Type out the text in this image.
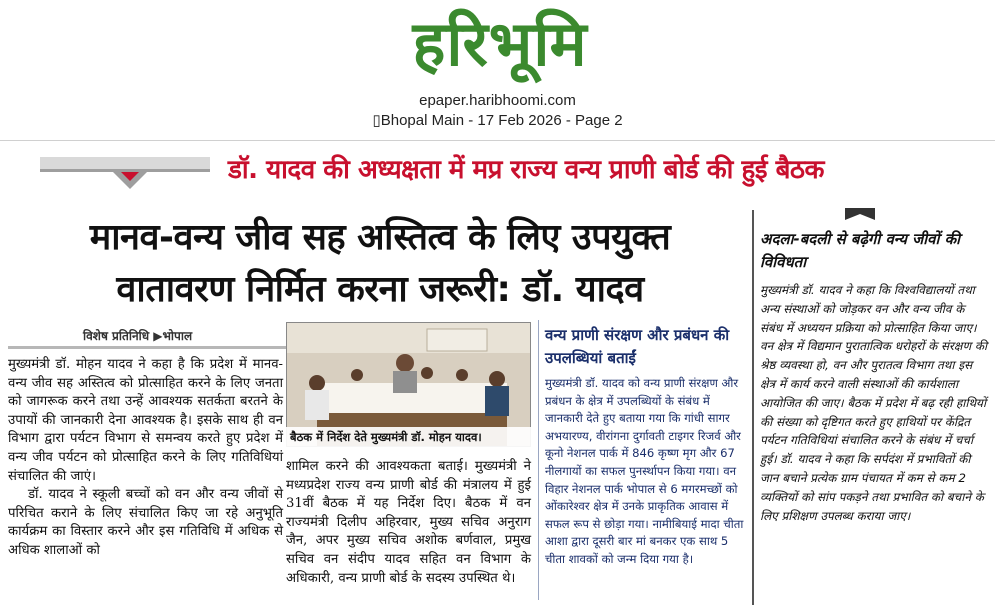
हरिभूमि
epaper.haribhoomi.com
▯Bhopal Main - 17 Feb 2026 - Page 2
डॉ. यादव की अध्यक्षता में मप्र राज्य वन्य प्राणी बोर्ड की हुई बैठक
मानव-वन्य जीव सह अस्तित्व के लिए उपयुक्त
वातावरण निर्मित करना जरूरी: डॉ. यादव
विशेष प्रतिनिधि ▶भोपाल

मुख्यमंत्री डॉ. मोहन यादव ने कहा है कि प्रदेश में मानव-वन्य जीव सह अस्तित्व को प्रोत्साहित करने के लिए जनता को जागरूक करने तथा उन्हें आवश्यक सतर्कता बरतने के उपायों की जानकारी देना आवश्यक है। इसके साथ ही वन विभाग द्वारा पर्यटन विभाग से समन्वय करते हुए प्रदेश में वन्य जीव पर्यटन को प्रोत्साहित करने के लिए गतिविधियां संचालित की जाएं।

डॉ. यादव ने स्कूली बच्चों को वन और वन्य जीवों से परिचित कराने के लिए संचालित किए जा रहे अनुभूति कार्यक्रम का विस्तार करने और इस गतिविधि में अधिक से अधिक शालाओं को

बैठक में निर्देश देते मुख्यमंत्री डॉ. मोहन यादव।
शामिल करने की आवश्यकता बताई। मुख्यमंत्री ने मध्यप्रदेश राज्य वन्य प्राणी बोर्ड की मंत्रालय में हुई 31वीं बैठक में यह निर्देश दिए। बैठक में वन राज्यमंत्री दिलीप अहिरवार, मुख्य सचिव अनुराग जैन, अपर मुख्य सचिव अशोक बर्णवाल, प्रमुख सचिव वन संदीप यादव सहित वन विभाग के अधिकारी, वन्य प्राणी बोर्ड के सदस्य उपस्थित थे।
वन्य प्राणी संरक्षण और प्रबंधन की उपलब्धियां बताईं
मुख्यमंत्री डॉ. यादव को वन्य प्राणी संरक्षण और प्रबंधन के क्षेत्र में उपलब्धियों के संबंध में जानकारी देते हुए बताया गया कि गांधी सागर अभयारण्य, वीरांगना दुर्गावती टाइगर रिजर्व और कूनो नेशनल पार्क में 846 कृष्ण मृग और 67 नीलगायों का सफल पुनर्स्थापन किया गया। वन विहार नेशनल पार्क भोपाल से 6 मगरमच्छों को ओंकारेश्वर क्षेत्र में उनके प्राकृतिक आवास में सफल रूप से छोड़ा गया। नामीबियाई मादा चीता आशा द्वारा दूसरी बार मां बनकर एक साथ 5 चीता शावकों को जन्म दिया गया है।
अदला-बदली से बढ़ेगी वन्य जीवों की विविधता
मुख्यमंत्री डॉ. यादव ने कहा कि विश्वविद्यालयों तथा अन्य संस्थाओं को जोड़कर वन और वन्य जीव के संबंध में अध्ययन प्रक्रिया को प्रोत्साहित किया जाए। वन क्षेत्र में विद्यमान पुरातात्विक धरोहरों के संरक्षण की श्रेष्ठ व्यवस्था हो, वन और पुरातत्व विभाग तथा इस क्षेत्र में कार्य करने वाली संस्थाओं की कार्यशाला आयोजित की जाए। बैठक में प्रदेश में बढ़ रही हाथियों की संख्या को दृष्टिगत करते हुए हाथियों पर केंद्रित पर्यटन गतिविधियां संचालित करने के संबंध में चर्चा हुई। डॉ. यादव ने कहा कि सर्पदंश में प्रभावितों की जान बचाने प्रत्येक ग्राम पंचायत में कम से कम 2 व्यक्तियों को सांप पकड़ने तथा प्रभावित को बचाने के लिए प्रशिक्षण उपलब्ध कराया जाए।
